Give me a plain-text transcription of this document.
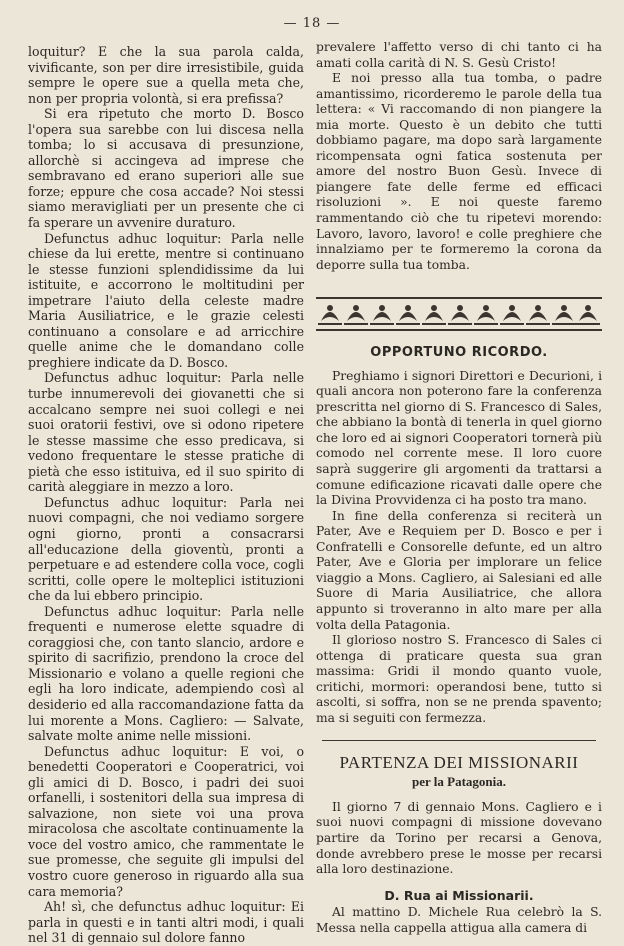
— 18 —

loquitur? E che la sua parola calda, vivificante, son per dire irresistibile, guida sempre le opere sue a quella meta che, non per propria volontà, si era prefissa?

Si era ripetuto che morto D. Bosco l'opera sua sarebbe con lui discesa nella tomba; lo si accusava di presunzione, allorchè si accingeva ad imprese che sembravano ed erano superiori alle sue forze; eppure che cosa accade? Noi stessi siamo meravigliati per un presente che ci fa sperare un avvenire duraturo.

Defunctus adhuc loquitur: Parla nelle chiese da lui erette, mentre si continuano le stesse funzioni splendidissime da lui istituite, e accorrono le moltitudini per impetrare l'aiuto della celeste madre Maria Ausiliatrice, e le grazie celesti continuano a consolare e ad arricchire quelle anime che le domandano colle preghiere indicate da D. Bosco.

Defunctus adhuc loquitur: Parla nelle turbe innumerevoli dei giovanetti che si accalcano sempre nei suoi collegi e nei suoi oratorii festivi, ove si odono ripetere le stesse massime che esso predicava, si vedono frequentare le stesse pratiche di pietà che esso istituiva, ed il suo spirito di carità aleggiare in mezzo a loro.

Defunctus adhuc loquitur: Parla nei nuovi compagni, che noi vediamo sorgere ogni giorno, pronti a consacrarsi all'educazione della gioventù, pronti a perpetuare e ad estendere colla voce, cogli scritti, colle opere le molteplici istituzioni che da lui ebbero principio.

Defunctus adhuc loquitur: Parla nelle frequenti e numerose elette squadre di coraggiosi che, con tanto slancio, ardore e spirito di sacrifizio, prendono la croce del Missionario e volano a quelle regioni che egli ha loro indicate, adempiendo così al desiderio ed alla raccomandazione fatta da lui morente a Mons. Cagliero: — Salvate, salvate molte anime nelle missioni.

Defunctus adhuc loquitur: E voi, o benedetti Cooperatori e Cooperatrici, voi gli amici di D. Bosco, i padri dei suoi orfanelli, i sostenitori della sua impresa di salvazione, non siete voi una prova miracolosa che ascoltate continuamente la voce del vostro amico, che rammentate le sue promesse, che seguite gli impulsi del vostro cuore generoso in riguardo alla sua cara memoria?

Ah! sì, che defunctus adhuc loquitur: Ei parla in questi e in tanti altri modi, i quali nel 31 di gennaio sul dolore fanno

prevalere l'affetto verso di chi tanto ci ha amati colla carità di N. S. Gesù Cristo!

E noi presso alla tua tomba, o padre amantissimo, ricorderemo le parole della tua lettera: « Vi raccomando di non piangere la mia morte. Questo è un debito che tutti dobbiamo pagare, ma dopo sarà largamente ricompensata ogni fatica sostenuta per amore del nostro Buon Gesù. Invece di piangere fate delle ferme ed efficaci risoluzioni ». E noi queste faremo rammentando ciò che tu ripetevi morendo: Lavoro, lavoro, lavoro! e colle preghiere che innalziamo per te formeremo la corona da deporre sulla tua tomba.

OPPORTUNO RICORDO.

Preghiamo i signori Direttori e Decurioni, i quali ancora non poterono fare la conferenza prescritta nel giorno di S. Francesco di Sales, che abbiano la bontà di tenerla in quel giorno che loro ed ai signori Cooperatori tornerà più comodo nel corrente mese. Il loro cuore saprà suggerire gli argomenti da trattarsi a comune edificazione ricavati dalle opere che la Divina Provvidenza ci ha posto tra mano.

In fine della conferenza si reciterà un Pater, Ave e Requiem per D. Bosco e per i Confratelli e Consorelle defunte, ed un altro Pater, Ave e Gloria per implorare un felice viaggio a Mons. Cagliero, ai Salesiani ed alle Suore di Maria Ausiliatrice, che allora appunto si troveranno in alto mare per alla volta della Patagonia.

Il glorioso nostro S. Francesco di Sales ci ottenga di praticare questa sua gran massima: Gridi il mondo quanto vuole, critichi, mormori: operandosi bene, tutto si ascolti, si soffra, non se ne prenda spavento; ma si seguiti con fermezza.

PARTENZA DEI MISSIONARII
per la Patagonia.

Il giorno 7 di gennaio Mons. Cagliero e i suoi nuovi compagni di missione dovevano partire da Torino per recarsi a Genova, donde avrebbero prese le mosse per recarsi alla loro destinazione.

D. Rua ai Missionarii.

Al mattino D. Michele Rua celebrò la S. Messa nella cappella attigua alla camera di
